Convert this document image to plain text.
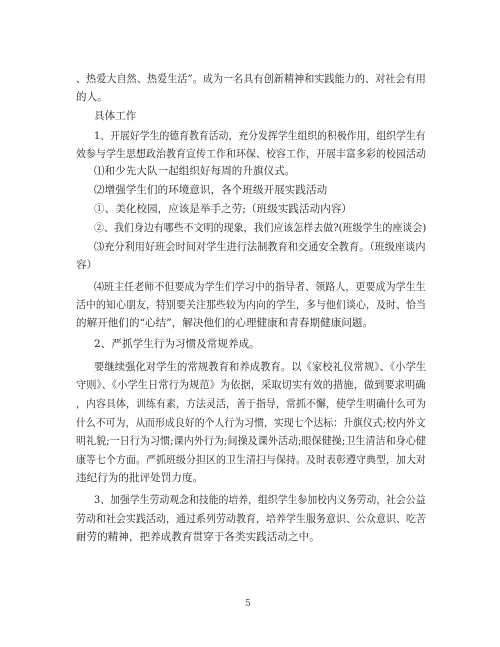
、热爱大自然、热爱生活”。成为一名具有创新精神和实践能力的、对社会有用
的人。
具体工作
1、开展好学生的德育教育活动，充分发挥学生组织的积极作用，组织学生有
效参与学生思想政治教育宣传工作和环保、校容工作，开展丰富多彩的校园活动
⑴和少先大队一起组织好每周的升旗仪式。
⑵增强学生们的环境意识，各个班级开展实践活动
①、美化校园，应该是举手之劳;（班级实践活动内容）
②、我们身边有哪些不文明的现象，我们应该怎样去做?(班级学生的座谈会)
⑶充分利用好班会时间对学生进行法制教育和交通安全教育。（班级座谈内
容）
⑷班主任老师不但要成为学生们学习中的指导者、领路人，更要成为学生生
活中的知心朋友，特别要关注那些较为内向的学生，多与他们谈心，及时、恰当
的解开他们的“心结”，解决他们的心理健康和青春期健康问题。
2、严抓学生行为习惯及常规养成。
要继续强化对学生的常规教育和养成教育。以《家校礼仪常规》、《小学生
守则》、《小学生日常行为规范》为依据，采取切实有效的措施，做到要求明确
，内容具体，训练有素，方法灵活，善于指导，常抓不懈，使学生明确什么可为
什么不可为，从而形成良好的个人行为习惯，实现七个达标：升旗仪式;校内外文
明礼貌;一日行为习惯;课内外行为;间操及课外活动;眼保健操;卫生清洁和身心健
康等七个方面。严抓班级分担区的卫生清扫与保持。及时表彰遵守典型，加大对
违纪行为的批评处罚力度。
3、加强学生劳动观念和技能的培养，组织学生参加校内义务劳动，社会公益
劳动和社会实践活动，通过系列劳动教育，培养学生服务意识、公众意识、吃苦
耐劳的精神，把养成教育贯穿于各类实践活动之中。
5
